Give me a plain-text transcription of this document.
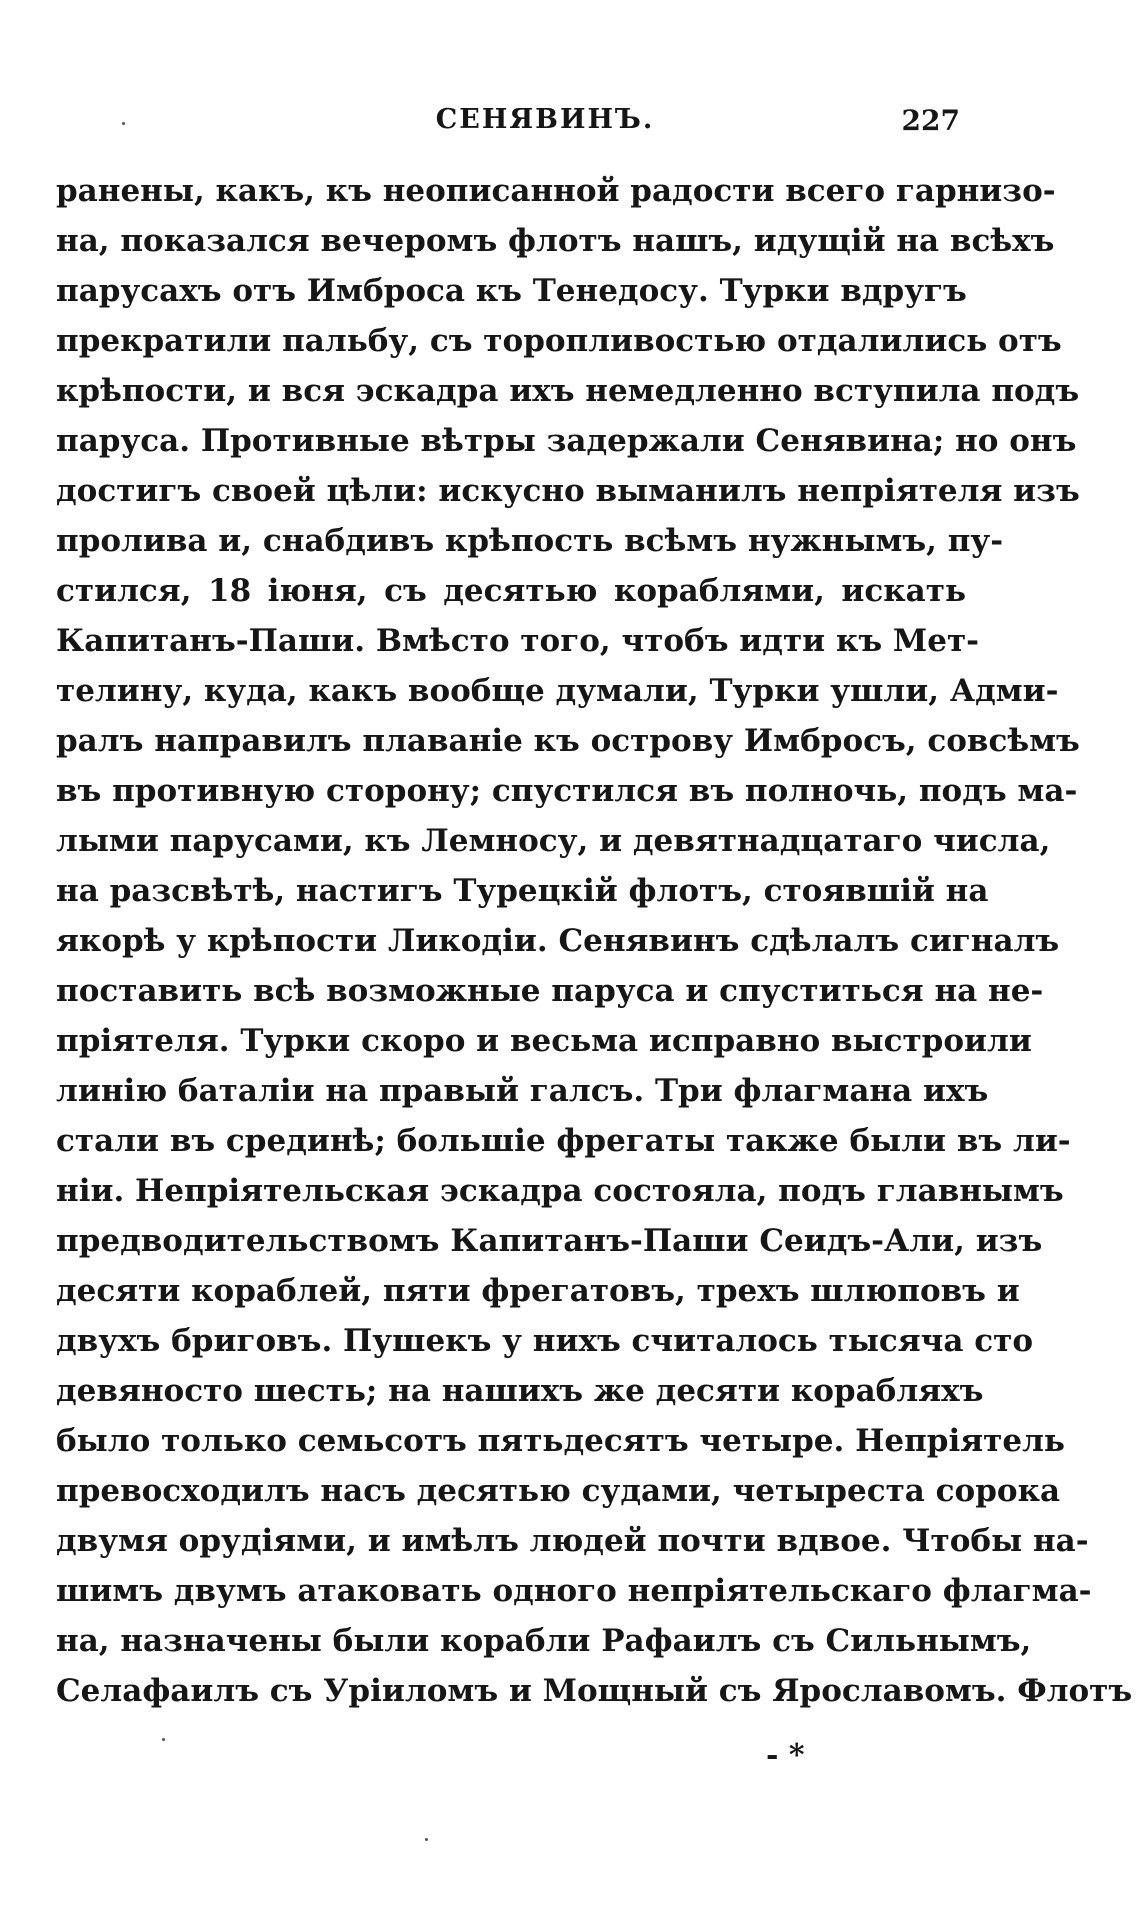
СЕНЯВИНЪ.	227
ранены, какъ, къ неописанной радости всего гарнизо-
на, показался вечеромъ флотъ нашъ, идущій на всѣхъ
парусахъ отъ Имброса къ Тенедосу. Турки вдругъ
прекратили пальбу, съ торопливостью отдалились отъ
крѣпости, и вся эскадра ихъ немедленно вступила подъ
паруса. Противные вѣтры задержали Сенявина; но онъ
достигъ своей цѣли: искусно выманилъ непріятеля изъ
пролива и, снабдивъ крѣпость всѣмъ нужнымъ, пу-
стился, 18 іюня, съ десятью кораблями, искать
Капитанъ-Паши. Вмѣсто того, чтобъ идти къ Мет-
телину, куда, какъ вообще думали, Турки ушли, Адми-
ралъ направилъ плаваніе къ острову Имбросъ, совсѣмъ
въ противную сторону; спустился въ полночь, подъ ма-
лыми парусами, къ Лемносу, и девятнадцатаго числа,
на разсвѣтѣ, настигъ Турецкій флотъ, стоявшій на
якорѣ у крѣпости Ликодіи. Сенявинъ сдѣлалъ сигналъ
поставить всѣ возможные паруса и спуститься на не-
пріятеля. Турки скоро и весьма исправно выстроили
линію баталіи на правый галсъ. Три флагмана ихъ
стали въ срединѣ; большіе фрегаты также были въ ли-
ніи. Непріятельская эскадра состояла, подъ главнымъ
предводительствомъ Капитанъ-Паши Сеидъ-Али, изъ
десяти кораблей, пяти фрегатовъ, трехъ шлюповъ и
двухъ бриговъ. Пушекъ у нихъ считалось тысяча сто
девяносто шесть; на нашихъ же десяти корабляхъ
было только семьсотъ пятьдесятъ четыре. Непріятель
превосходилъ насъ десятью судами, четыреста сорока
двумя орудіями, и имѣлъ людей почти вдвое. Чтобы на-
шимъ двумъ атаковать одного непріятельскаго флагма-
на, назначены были корабли Рафаилъ съ Сильнымъ,
Селафаилъ съ Уріиломъ и Мощный съ Ярославомъ. Флотъ
- *
